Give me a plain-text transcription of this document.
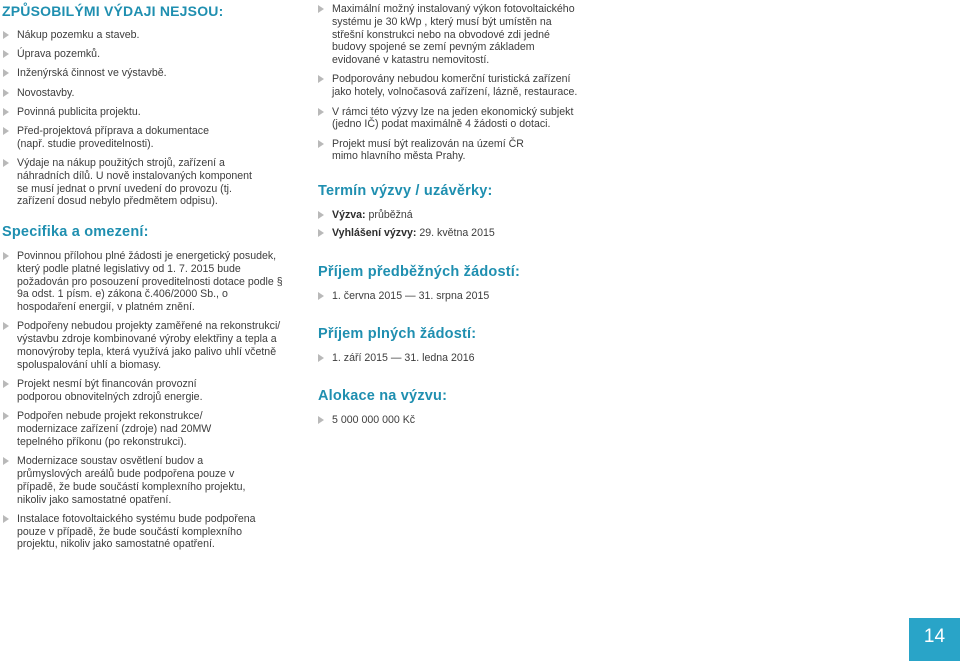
ZPŮSOBILÝMI VÝDAJI NEJSOU:
Nákup pozemku a staveb.
Úprava pozemků.
Inženýrská činnost ve výstavbě.
Novostavby.
Povinná publicita projektu.
Před-projektová příprava a dokumentace (např. studie proveditelnosti).
Výdaje na nákup použitých strojů, zařízení a náhradních dílů. U nově instalovaných komponent se musí jednat o první uvedení do provozu (tj. zařízení dosud nebylo předmětem odpisu).
Specifika a omezení:
Povinnou přílohou plné žádosti je energetický posudek, který podle platné legislativy od 1. 7. 2015 bude požadován pro posouzení proveditelnosti dotace podle § 9a odst. 1 písm. e) zákona č.406/2000 Sb., o hospodaření energií, v platném znění.
Podpořeny nebudou projekty zaměřené na rekonstrukci/ výstavbu zdroje kombinované výroby elektřiny a tepla a monovýroby tepla, která využívá jako palivo uhlí včetně spoluspalování uhlí a biomasy.
Projekt nesmí být financován provozní podporou obnovitelných zdrojů energie.
Podpořen nebude projekt rekonstrukce/ modernizace zařízení (zdroje) nad 20MW tepelného příkonu (po rekonstrukci).
Modernizace soustav osvětlení budov a průmyslových areálů bude podpořena pouze v případě, že bude součástí komplexního projektu, nikoliv jako samostatné opatření.
Instalace fotovoltaického systému bude podpořena pouze v případě, že bude součástí komplexního projektu, nikoliv jako samostatné opatření.
Maximální možný instalovaný výkon fotovoltaického systému je 30 kWp , který musí být umístěn na střešní konstrukci nebo na obvodové zdi jedné budovy spojené se zemí pevným základem evidované v katastru nemovitostí.
Podporovány nebudou komerční turistická zařízení jako hotely, volnočasová zařízení, lázně, restaurace.
V rámci této výzvy lze na jeden ekonomický subjekt (jedno IČ) podat maximálně 4 žádosti o dotaci.
Projekt musí být realizován na území ČR mimo hlavního města Prahy.
Termín výzvy / uzávěrky:
Výzva: průběžná
Vyhlášení výzvy: 29. května 2015
Příjem předběžných žádostí:
1. června 2015 — 31. srpna 2015
Příjem plných žádostí:
1. září 2015 — 31. ledna 2016
Alokace na výzvu:
5 000 000 000 Kč
14
